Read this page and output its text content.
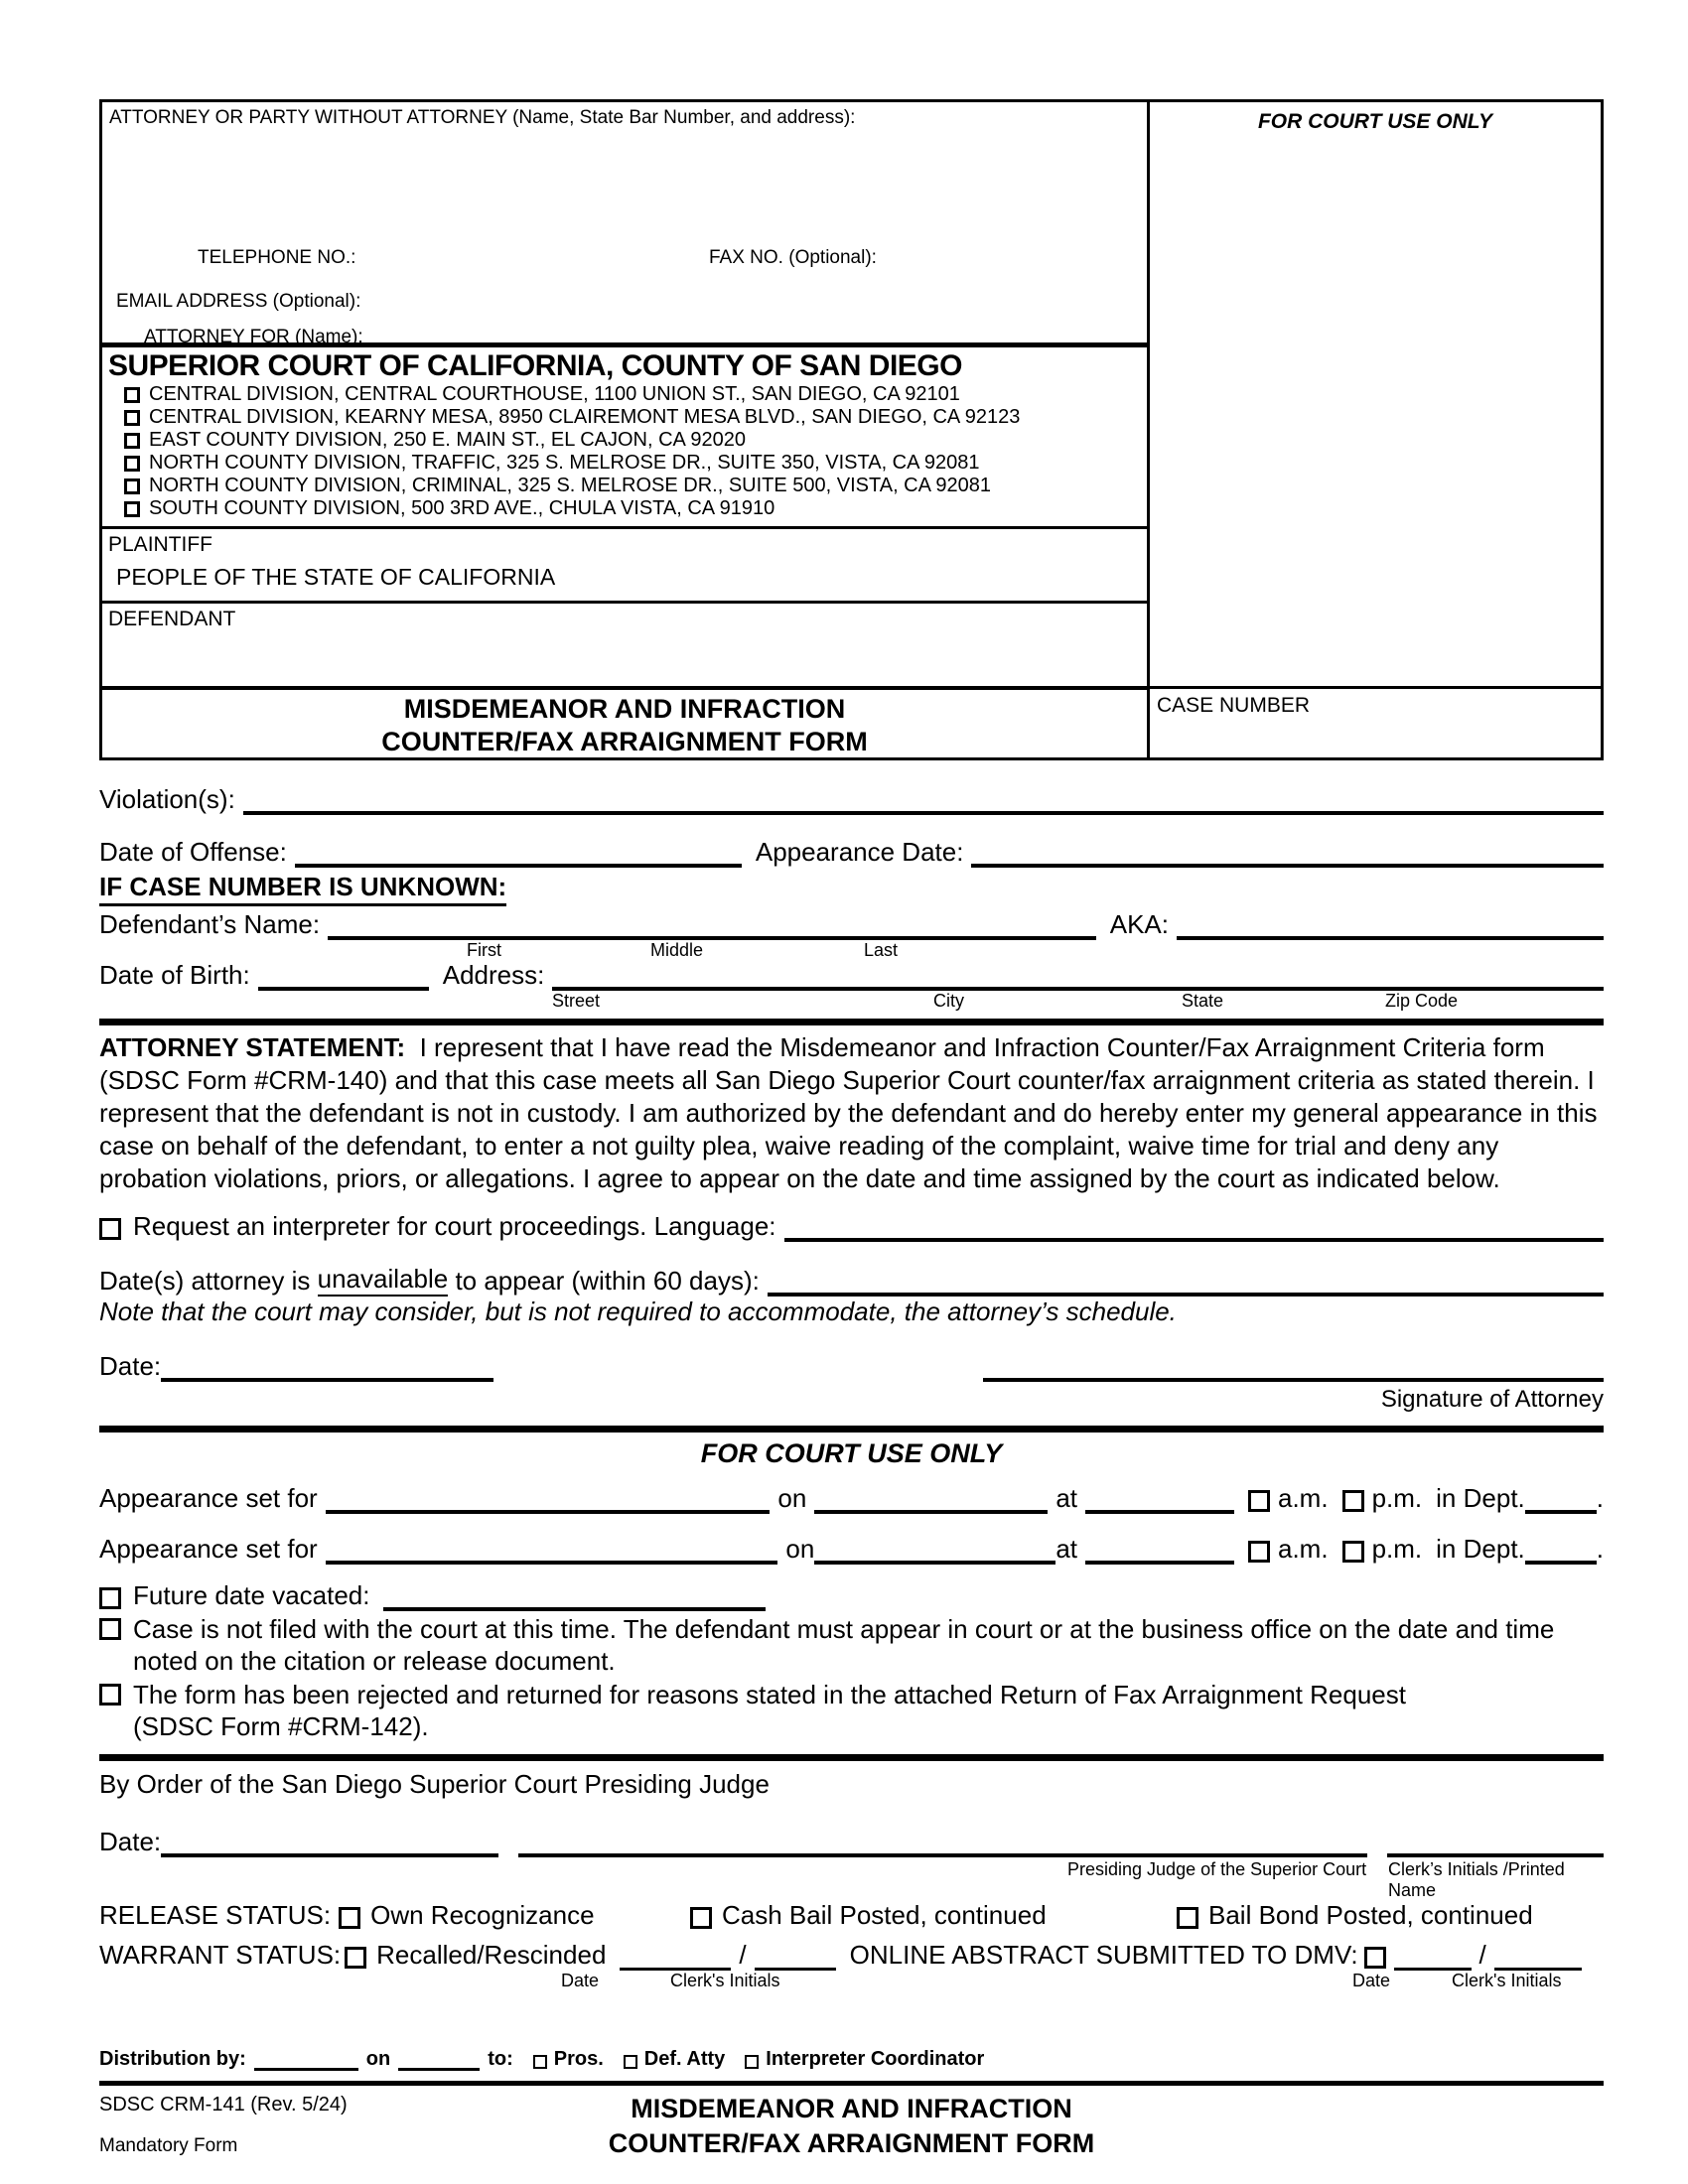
ATTORNEY OR PARTY WITHOUT ATTORNEY (Name, State Bar Number, and address):
TELEPHONE NO.:	FAX NO. (Optional):
EMAIL ADDRESS (Optional):
ATTORNEY FOR (Name):
SUPERIOR COURT OF CALIFORNIA, COUNTY OF SAN DIEGO
CENTRAL DIVISION, CENTRAL COURTHOUSE, 1100 UNION ST., SAN DIEGO, CA 92101
CENTRAL DIVISION, KEARNY MESA, 8950 CLAIREMONT MESA BLVD., SAN DIEGO, CA 92123
EAST COUNTY DIVISION, 250 E. MAIN ST., EL CAJON, CA 92020
NORTH COUNTY DIVISION, TRAFFIC, 325 S. MELROSE DR., SUITE 350, VISTA, CA 92081
NORTH COUNTY DIVISION, CRIMINAL, 325 S. MELROSE DR., SUITE 500, VISTA, CA 92081
SOUTH COUNTY DIVISION, 500 3RD AVE., CHULA VISTA, CA 91910
PLAINTIFF
PEOPLE OF THE STATE OF CALIFORNIA
DEFENDANT
MISDEMEANOR AND INFRACTION
COUNTER/FAX ARRAIGNMENT FORM
FOR COURT USE ONLY
CASE NUMBER
Violation(s):
Date of Offense:	Appearance Date:
IF CASE NUMBER IS UNKNOWN:
Defendant’s Name:	AKA:
First	Middle	Last
Date of Birth:	Address:
Street	City	State	Zip Code

ATTORNEY STATEMENT: I represent that I have read the Misdemeanor and Infraction Counter/Fax Arraignment Criteria form (SDSC Form #CRM-140) and that this case meets all San Diego Superior Court counter/fax arraignment criteria as stated therein. I represent that the defendant is not in custody. I am authorized by the defendant and do hereby enter my general appearance in this case on behalf of the defendant, to enter a not guilty plea, waive reading of the complaint, waive time for trial and deny any probation violations, priors, or allegations. I agree to appear on the date and time assigned by the court as indicated below.

Request an interpreter for court proceedings. Language:
Date(s) attorney is
unavailable
to appear (within 60 days):
Note that the court may consider, but is not required to accommodate, the attorney’s schedule.
Date:
Signature of Attorney
FOR COURT USE ONLY
Appearance set for	on	at	a.m. p.m. in Dept.	.
Appearance set for	on	at	a.m. p.m. in Dept.	.
Future date vacated:
Case is not filed with the court at this time. The defendant must appear in court or at the business office on the date and time noted on the citation or release document.
The form has been rejected and returned for reasons stated in the attached Return of Fax Arraignment Request (SDSC Form #CRM-142).
By Order of the San Diego Superior Court Presiding Judge
Date:
Presiding Judge of the Superior Court Clerk’s Initials /Printed Name
RELEASE STATUS: Own Recognizance	Cash Bail Posted, continued	Bail Bond Posted, continued
WARRANT STATUS: Recalled/Rescinded	/	ONLINE ABSTRACT SUBMITTED TO DMV:	/
Date	Clerk's Initials	Date	Clerk's Initials
Distribution by:	on	to: Pros. Def. Atty Interpreter Coordinator
SDSC CRM-141 (Rev. 5/24)
Mandatory Form
MISDEMEANOR AND INFRACTION
COUNTER/FAX ARRAIGNMENT FORM
